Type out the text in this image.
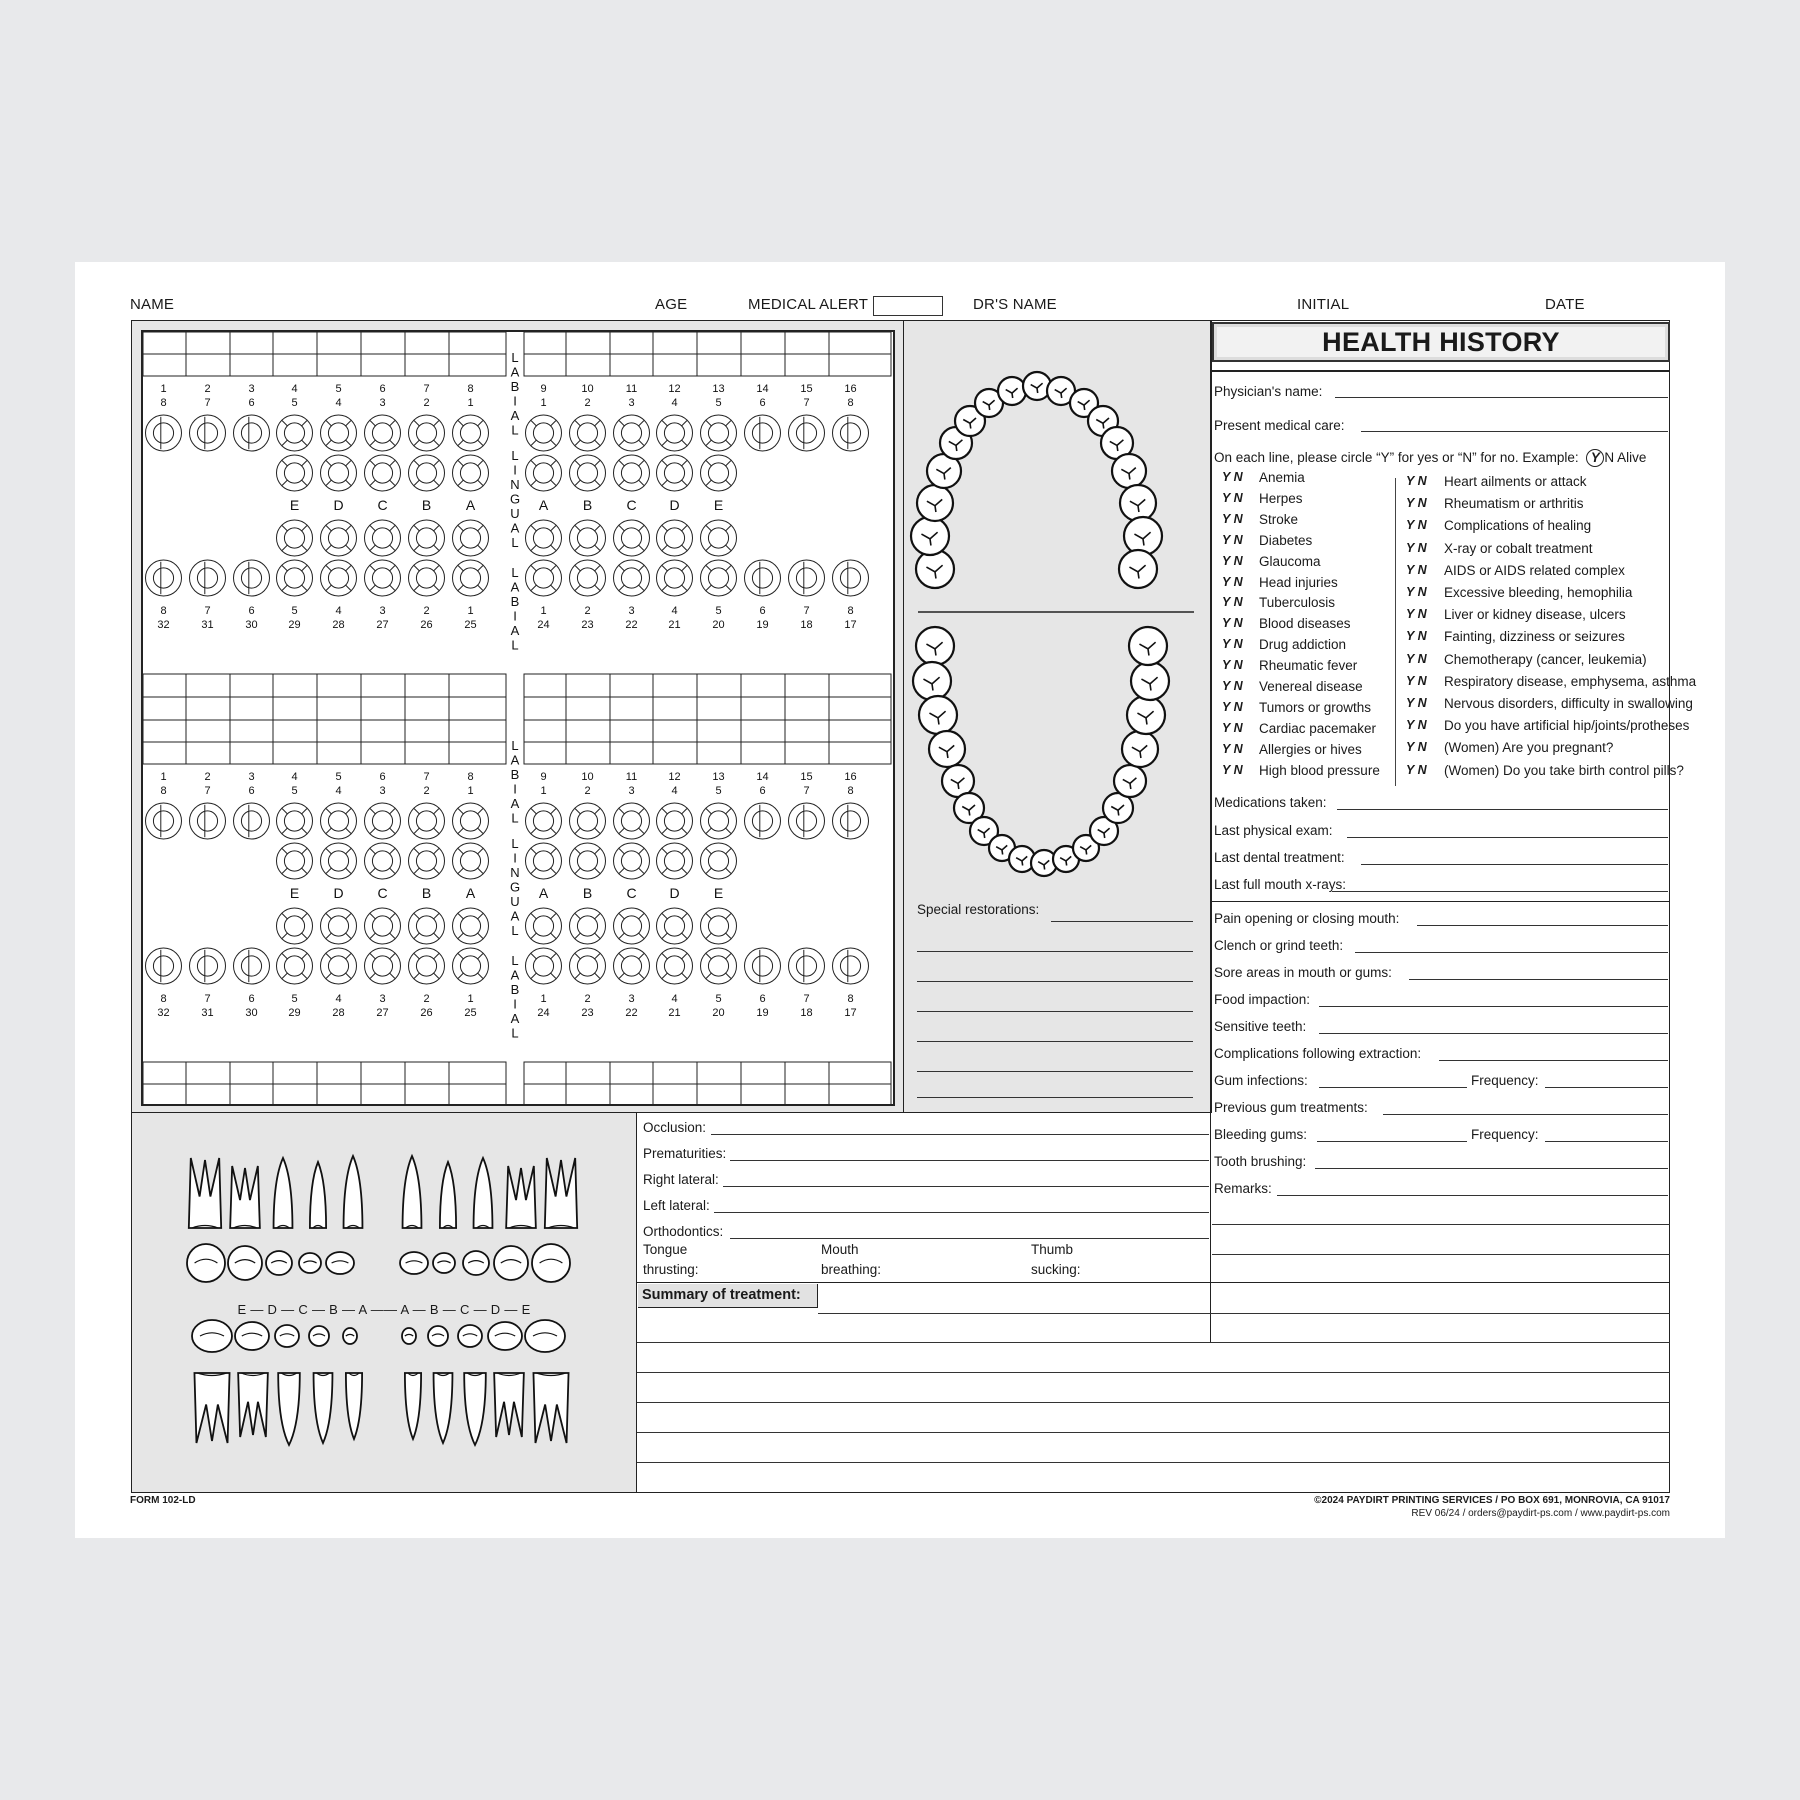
NAME	AGE	MEDICAL ALERT	DR'S NAME	INITIAL	DATE
1	2	3	4	5	6	7	8	9	10	11	12	13	14	15	16
8	7	6	5	4	3	2	1	1	2	3	4	5	6	7	8
E D C B A	A B C D E
8	7	6	5	4	3	2	1	1	2	3	4	5	6	7	8
32	31	30	29	28	27	26	25	24	23	22	21	20	19	18	17
L
A
B
I
A
L
L
I
N
G
U
A
L
L
A
B
I
A
L
1	2	3	4	5	6	7	8	9	10	11	12	13	14	15	16
8	7	6	5	4	3	2	1	1	2	3	4	5	6	7	8
E D C B A	A B C D E
8	7	6	5	4	3	2	1	1	2	3	4	5	6	7	8
32	31	30	29	28	27	26	25	24	23	22	21	20	19	18	17
L
A
B
I
A
L
L
I
N
G
U
A
L
L
A
B
I
A
L
Special restorations:
HEALTH HISTORY
Physician's name:
Present medical care:
On each line, please circle “Y” for yes or “N” for no. Example: Y N Alive
Y N Anemia
Y N Herpes
Y N Stroke
Y N Diabetes
Y N Glaucoma
Y N Head injuries
Y N Tuberculosis
Y N Blood diseases
Y N Drug addiction
Y N Rheumatic fever
Y N Venereal disease
Y N Tumors or growths
Y N Cardiac pacemaker
Y N Allergies or hives
Y N High blood pressure
Y N Heart ailments or attack
Y N Rheumatism or arthritis
Y N Complications of healing
Y N X-ray or cobalt treatment
Y N AIDS or AIDS related complex
Y N Excessive bleeding, hemophilia
Y N Liver or kidney disease, ulcers
Y N Fainting, dizziness or seizures
Y N Chemotherapy (cancer, leukemia)
Y N Respiratory disease, emphysema, asthma
Y N Nervous disorders, difficulty in swallowing
Y N Do you have artificial hip/joints/protheses
Y N (Women) Are you pregnant?
Y N (Women) Do you take birth control pills?
Medications taken:
Last physical exam:
Last dental treatment:
Last full mouth x-rays:
Pain opening or closing mouth:
Clench or grind teeth:
Sore areas in mouth or gums:
Food impaction:
Sensitive teeth:
Complications following extraction:
Gum infections:	Frequency:
Previous gum treatments:
Bleeding gums:	Frequency:
Tooth brushing:
Remarks:
E — D — C — B — A —— A — B — C — D — E
Occlusion:
Prematurities:
Right lateral:
Left lateral:
Orthodontics:
Tongue
thrusting:
Mouth
breathing:
Thumb
sucking:
Summary of treatment:
FORM 102-LD	©2024 PAYDIRT PRINTING SERVICES / PO BOX 691, MONROVIA, CA 91017
REV 06/24 / orders@paydirt-ps.com / www.paydirt-ps.com
